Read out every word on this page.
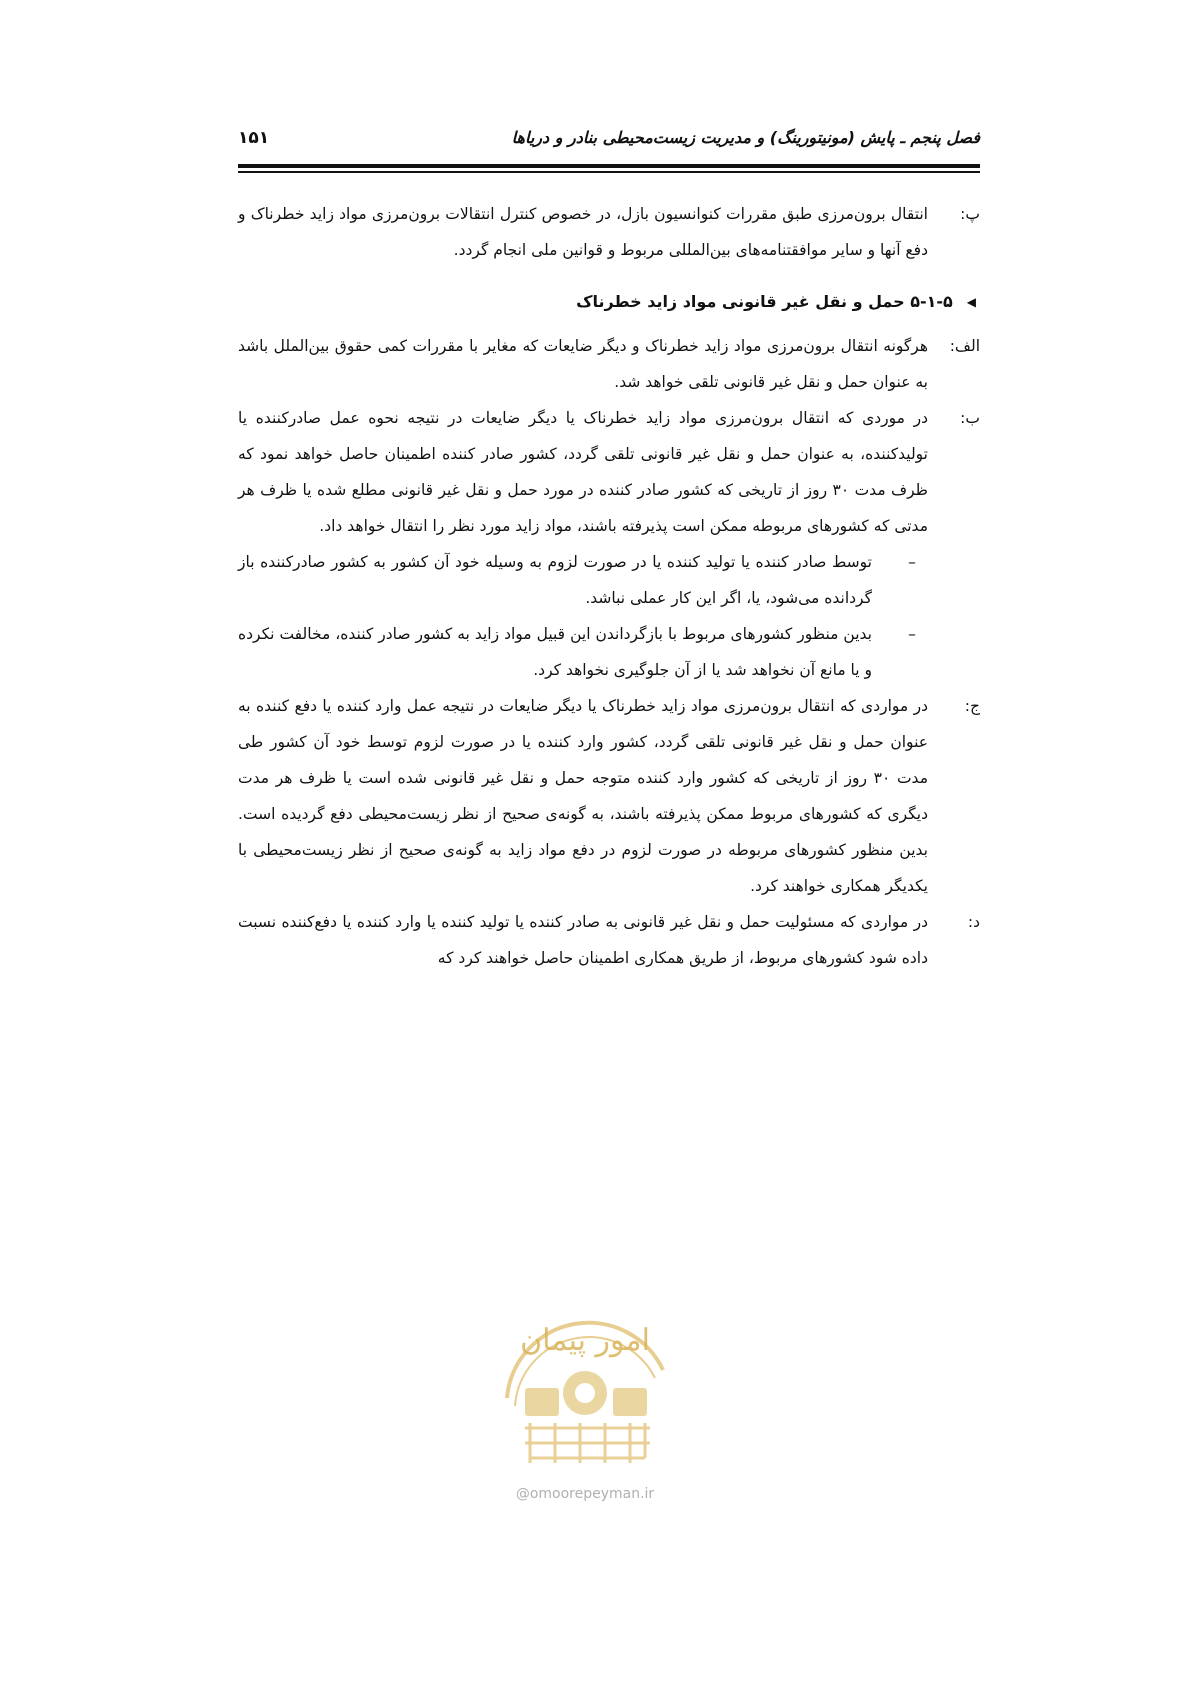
فصل پنجم ـ پایش (مونیتورینگ) و مدیریت زیست‌محیطی بنادر و دریاها
۱۵۱
پ:
انتقال برون‌مرزی طبق مقررات کنوانسیون بازل، در خصوص کنترل انتقالات برون‌مرزی مواد زاید خطرناک و دفع آنها و سایر موافقتنامه‌های بین‌المللی مربوط و قوانین ملی انجام گردد.
◀
۵-۱-۵ حمل و نقل غیر قانونی مواد زاید خطرناک
الف:
هرگونه انتقال برون‌مرزی مواد زاید خطرناک و دیگر ضایعات که مغایر با مقررات کمی حقوق بین‌الملل باشد به عنوان حمل و نقل غیر قانونی تلقی خواهد شد.
ب:
در موردی که انتقال برون‌مرزی مواد زاید خطرناک یا دیگر ضایعات در نتیجه نحوه عمل صادرکننده یا تولیدکننده، به عنوان حمل و نقل غیر قانونی تلقی گردد، کشور صادر کننده اطمینان حاصل خواهد نمود که ظرف مدت ۳۰ روز از تاریخی که کشور صادر کننده در مورد حمل و نقل غیر قانونی مطلع شده یا ظرف هر مدتی که کشورهای مربوطه ممکن است پذیرفته باشند، مواد زاید مورد نظر را انتقال خواهد داد.
–
توسط صادر کننده یا تولید کننده یا در صورت لزوم به وسیله خود آن کشور به کشور صادرکننده باز گردانده می‌شود، یا، اگر این کار عملی نباشد.
–
بدین منظور کشورهای مربوط با بازگرداندن این قبیل مواد زاید به کشور صادر کننده، مخالفت نکرده و یا مانع آن نخواهد شد یا از آن جلوگیری نخواهد کرد.
ج:
در مواردی که انتقال برون‌مرزی مواد زاید خطرناک یا دیگر ضایعات در نتیجه عمل وارد کننده یا دفع کننده به عنوان حمل و نقل غیر قانونی تلقی گردد، کشور وارد کننده یا در صورت لزوم توسط خود آن کشور طی مدت ۳۰ روز از تاریخی که کشور وارد کننده متوجه حمل و نقل غیر قانونی شده است یا ظرف هر مدت دیگری که کشورهای مربوط ممکن پذیرفته باشند، به گونه‌ی صحیح از نظر زیست‌محیطی دفع گردیده است. بدین منظور کشورهای مربوطه در صورت لزوم در دفع مواد زاید به گونه‌ی صحیح از نظر زیست‌محیطی با یکدیگر همکاری خواهند کرد.
د:
در مواردی که مسئولیت حمل و نقل غیر قانونی به صادر کننده یا تولید کننده یا وارد کننده یا دفع‌کننده نسبت داده شود کشورهای مربوط، از طریق همکاری اطمینان حاصل خواهند کرد که
امور پیمان
@omoorepeyman.ir
